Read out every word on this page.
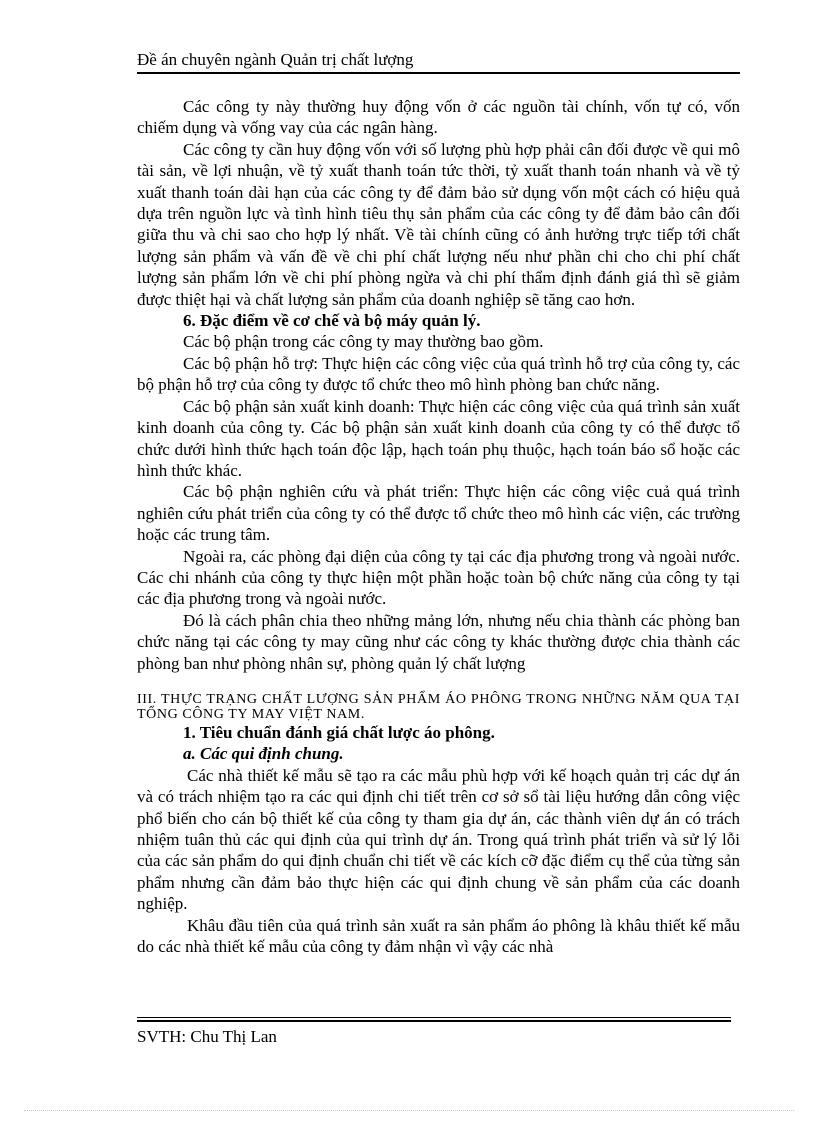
Đề án chuyên ngành Quản trị chất lượng

Các công ty này thường huy động vốn ở các nguồn tài chính, vốn tự có, vốn chiếm dụng và vống vay của các ngân hàng.

Các công ty cần huy động vốn với số lượng phù hợp phải cân đối được về qui mô tài sản, về lợi nhuận, về tỷ xuất thanh toán tức thời, tỷ xuất thanh toán nhanh và về tỷ xuất thanh toán dài hạn của các công ty để đảm bảo sử dụng vốn một cách có hiệu quả dựa trên nguồn lực và tình hình tiêu thụ sản phẩm của các công ty để đảm bảo cân đối giữa thu và chi sao cho hợp lý nhất. Về tài chính cũng có ảnh hưởng trực tiếp tới chất lượng sản phẩm và vấn đề về chi phí chất lượng nếu như phần chi cho chi phí chất lượng sản phẩm lớn về chi phí phòng ngừa và chi phí thẩm định đánh giá thì sẽ giảm được thiệt hại và chất lượng sản phẩm của doanh nghiệp sẽ tăng cao hơn.

6. Đặc điểm về cơ chế và bộ máy quản lý.

Các bộ phận trong các công ty may thường bao gồm.

Các bộ phận hỗ trợ: Thực hiện các công việc của quá trình hỗ trợ của công ty, các bộ phận hỗ trợ của công ty được tổ chức theo mô hình phòng ban chức năng.

Các bộ phận sản xuất kinh doanh: Thực hiện các công việc của quá trình sản xuất kinh doanh của công ty. Các bộ phận sản xuất kinh doanh của công ty có thể được tổ chức dưới hình thức hạch toán độc lập, hạch toán phụ thuộc, hạch toán báo sổ hoặc các hình thức khác.

Các bộ phận nghiên cứu và phát triển: Thực hiện các công việc cuả quá trình nghiên cứu phát triển của công ty có thể được tổ chức theo mô hình các viện, các trường hoặc các trung tâm.

Ngoài ra, các phòng đại diện của công ty tại các địa phương trong và ngoài nước. Các chi nhánh của công ty thực hiện một phần hoặc toàn bộ chức năng của công ty tại các địa phương trong và ngoài nước.

Đó là cách phân chia theo những mảng lớn, nhưng nếu chia thành các phòng ban chức năng tại các công ty may cũng như các công ty khác thường được chia thành các phòng ban như phòng nhân sự, phòng quản lý chất lượng

III. THỰC TRẠNG CHẤT LƯỢNG SẢN PHẨM ÁO PHÔNG TRONG NHỮNG NĂM QUA TẠI TỔNG CÔNG TY MAY VIỆT NAM.

1. Tiêu chuẩn đánh giá chất lược áo phông.

a. Các qui định chung.

Các nhà thiết kế mẫu sẽ tạo ra các mẫu phù hợp với kế hoạch quản trị các dự án và có trách nhiệm tạo ra các qui định chi tiết trên cơ sở sổ tài liệu hướng dẫn công việc phổ biến cho cán bộ thiết kế của công ty tham gia dự án, các thành viên dự án có trách nhiệm tuân thủ các qui định của qui trình dự án. Trong quá trình phát triển và sử lý lỗi của các sản phẩm do qui định chuẩn chi tiết về các kích cỡ đặc điểm cụ thể của từng sản phẩm nhưng cần đảm bảo thực hiện các qui định chung về sản phẩm của các doanh nghiệp.

Khâu đầu tiên của quá trình sản xuất ra sản phẩm áo phông là khâu thiết kế mẫu do các nhà thiết kế mẫu của công ty đảm nhận vì vậy các nhà

SVTH: Chu Thị Lan
